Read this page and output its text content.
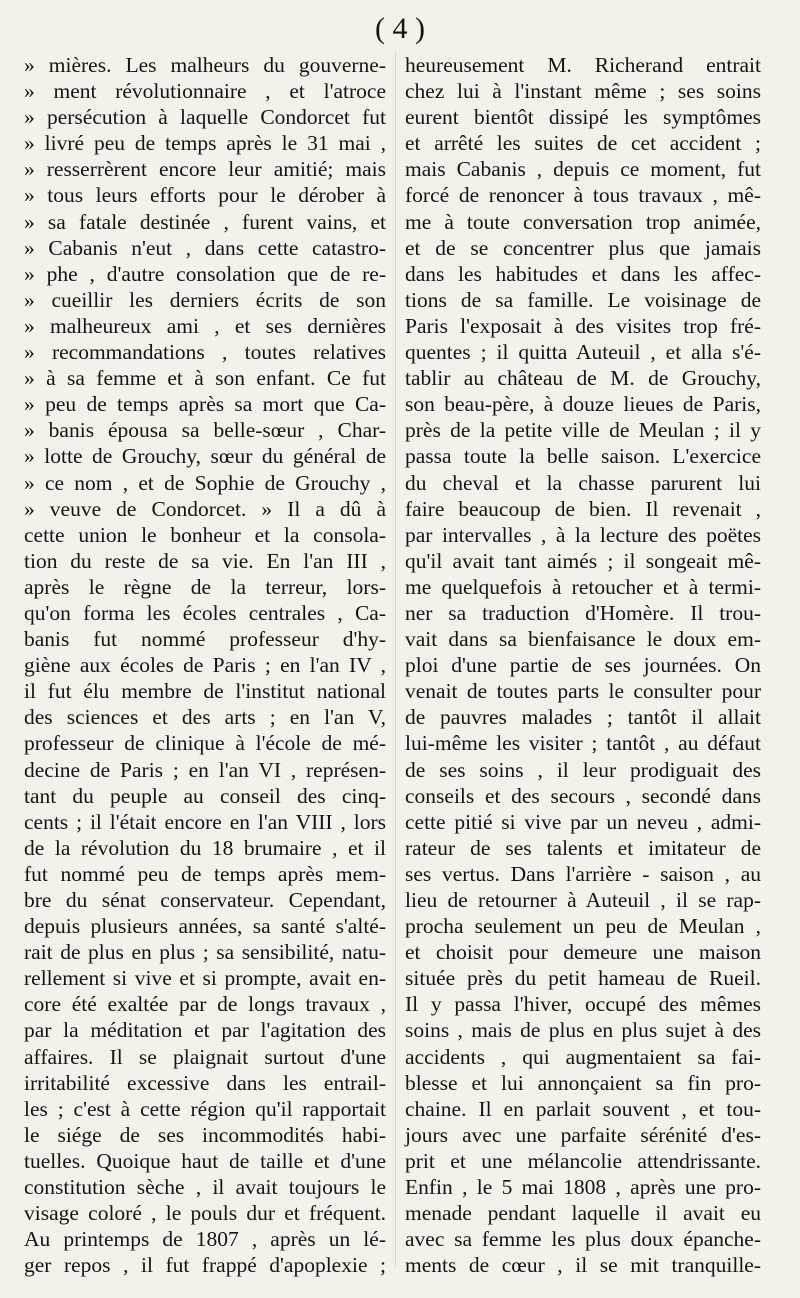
( 4 )
» mières. Les malheurs du gouverne-
» ment révolutionnaire , et l'atroce
» persécution à laquelle Condorcet fut
» livré peu de temps après le 31 mai ,
» resserrèrent encore leur amitié; mais
» tous leurs efforts pour le dérober à
» sa fatale destinée , furent vains, et
» Cabanis n'eut , dans cette catastro-
» phe , d'autre consolation que de re-
» cueillir les derniers écrits de son
» malheureux ami , et ses dernières
» recommandations , toutes relatives
» à sa femme et à son enfant. Ce fut
» peu de temps après sa mort que Ca-
» banis épousa sa belle-sœur , Char-
» lotte de Grouchy, sœur du général de
» ce nom , et de Sophie de Grouchy ,
» veuve de Condorcet. » Il a dû à
cette union le bonheur et la consola-
tion du reste de sa vie. En l'an III ,
après le règne de la terreur, lors-
qu'on forma les écoles centrales , Ca-
banis fut nommé professeur d'hy-
giène aux écoles de Paris ; en l'an IV ,
il fut élu membre de l'institut national
des sciences et des arts ; en l'an V,
professeur de clinique à l'école de mé-
decine de Paris ; en l'an VI , représen-
tant du peuple au conseil des cinq-
cents ; il l'était encore en l'an VIII , lors
de la révolution du 18 brumaire , et il
fut nommé peu de temps après mem-
bre du sénat conservateur. Cependant,
depuis plusieurs années, sa santé s'alté-
rait de plus en plus ; sa sensibilité, natu-
rellement si vive et si prompte, avait en-
core été exaltée par de longs travaux ,
par la méditation et par l'agitation des
affaires. Il se plaignait surtout d'une
irritabilité excessive dans les entrail-
les ; c'est à cette région qu'il rapportait
le siége de ses incommodités habi-
tuelles. Quoique haut de taille et d'une
constitution sèche , il avait toujours le
visage coloré , le pouls dur et fréquent.
Au printemps de 1807 , après un lé-
ger repos , il fut frappé d'apoplexie ;
heureusement M. Richerand entrait
chez lui à l'instant même ; ses soins
eurent bientôt dissipé les symptômes
et arrêté les suites de cet accident ;
mais Cabanis , depuis ce moment, fut
forcé de renoncer à tous travaux , mê-
me à toute conversation trop animée,
et de se concentrer plus que jamais
dans les habitudes et dans les affec-
tions de sa famille. Le voisinage de
Paris l'exposait à des visites trop fré-
quentes ; il quitta Auteuil , et alla s'é-
tablir au château de M. de Grouchy,
son beau-père, à douze lieues de Paris,
près de la petite ville de Meulan ; il y
passa toute la belle saison. L'exercice
du cheval et la chasse parurent lui
faire beaucoup de bien. Il revenait ,
par intervalles , à la lecture des poëtes
qu'il avait tant aimés ; il songeait mê-
me quelquefois à retoucher et à termi-
ner sa traduction d'Homère. Il trou-
vait dans sa bienfaisance le doux em-
ploi d'une partie de ses journées. On
venait de toutes parts le consulter pour
de pauvres malades ; tantôt il allait
lui-même les visiter ; tantôt , au défaut
de ses soins , il leur prodiguait des
conseils et des secours , secondé dans
cette pitié si vive par un neveu , admi-
rateur de ses talents et imitateur de
ses vertus. Dans l'arrière - saison , au
lieu de retourner à Auteuil , il se rap-
procha seulement un peu de Meulan ,
et choisit pour demeure une maison
située près du petit hameau de Rueil.
Il y passa l'hiver, occupé des mêmes
soins , mais de plus en plus sujet à des
accidents , qui augmentaient sa fai-
blesse et lui annonçaient sa fin pro-
chaine. Il en parlait souvent , et tou-
jours avec une parfaite sérénité d'es-
prit et une mélancolie attendrissante.
Enfin , le 5 mai 1808 , après une pro-
menade pendant laquelle il avait eu
avec sa femme les plus doux épanche-
ments de cœur , il se mit tranquille-
